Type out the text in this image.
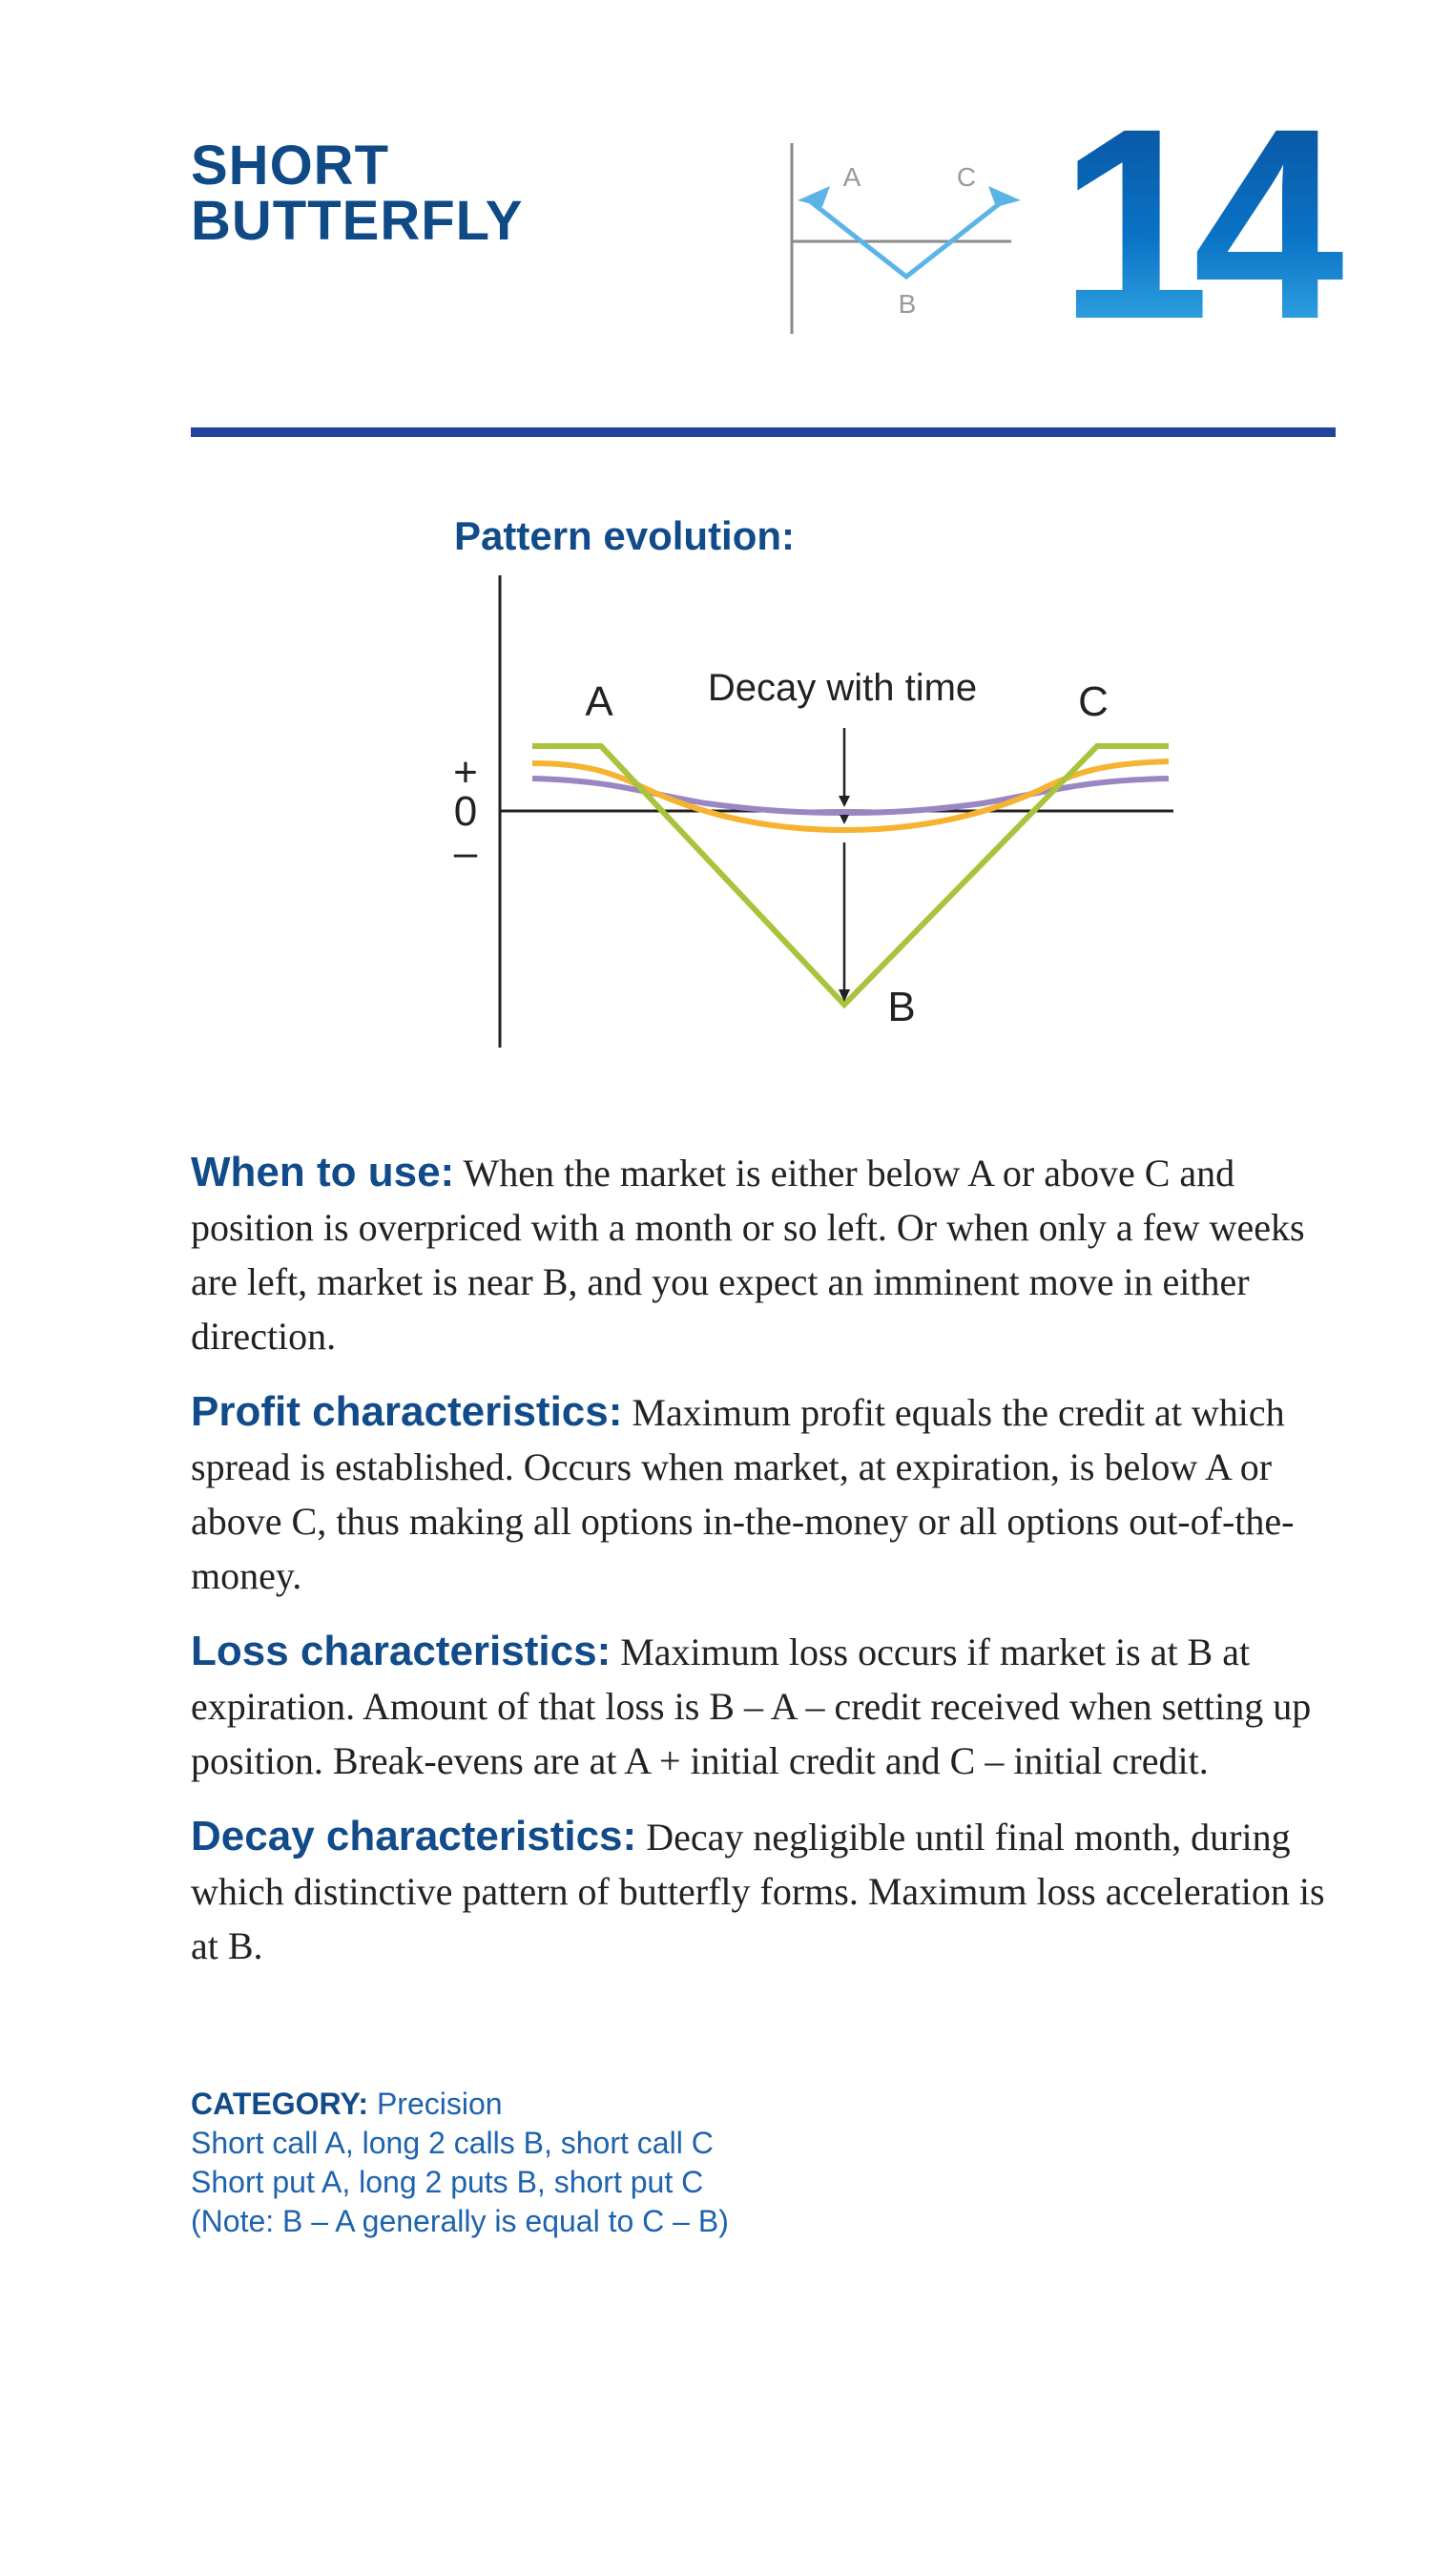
SHORT
BUTTERFLY
A	C
B 14
Pattern evolution:
+
0
–
Decay with time
A	C
B

When to use: When the market is either below A or above C and position is overpriced with a month or so left. Or when only a few weeks are left, market is near B, and you expect an imminent move in either direction.

Profit characteristics: Maximum profit equals the credit at which spread is established. Occurs when market, at expiration, is below A or above C, thus making all options in-the-money or all options out-of-the-money.

Loss characteristics: Maximum loss occurs if market is at B at expiration. Amount of that loss is B – A – credit received when setting up position. Break-evens are at A + initial credit and C – initial credit.

Decay characteristics: Decay negligible until final month, during which distinctive pattern of butterfly forms. Maximum loss acceleration is at B.

CATEGORY: Precision
Short call A, long 2 calls B, short call C
Short put A, long 2 puts B, short put C
(Note: B – A generally is equal to C – B)
